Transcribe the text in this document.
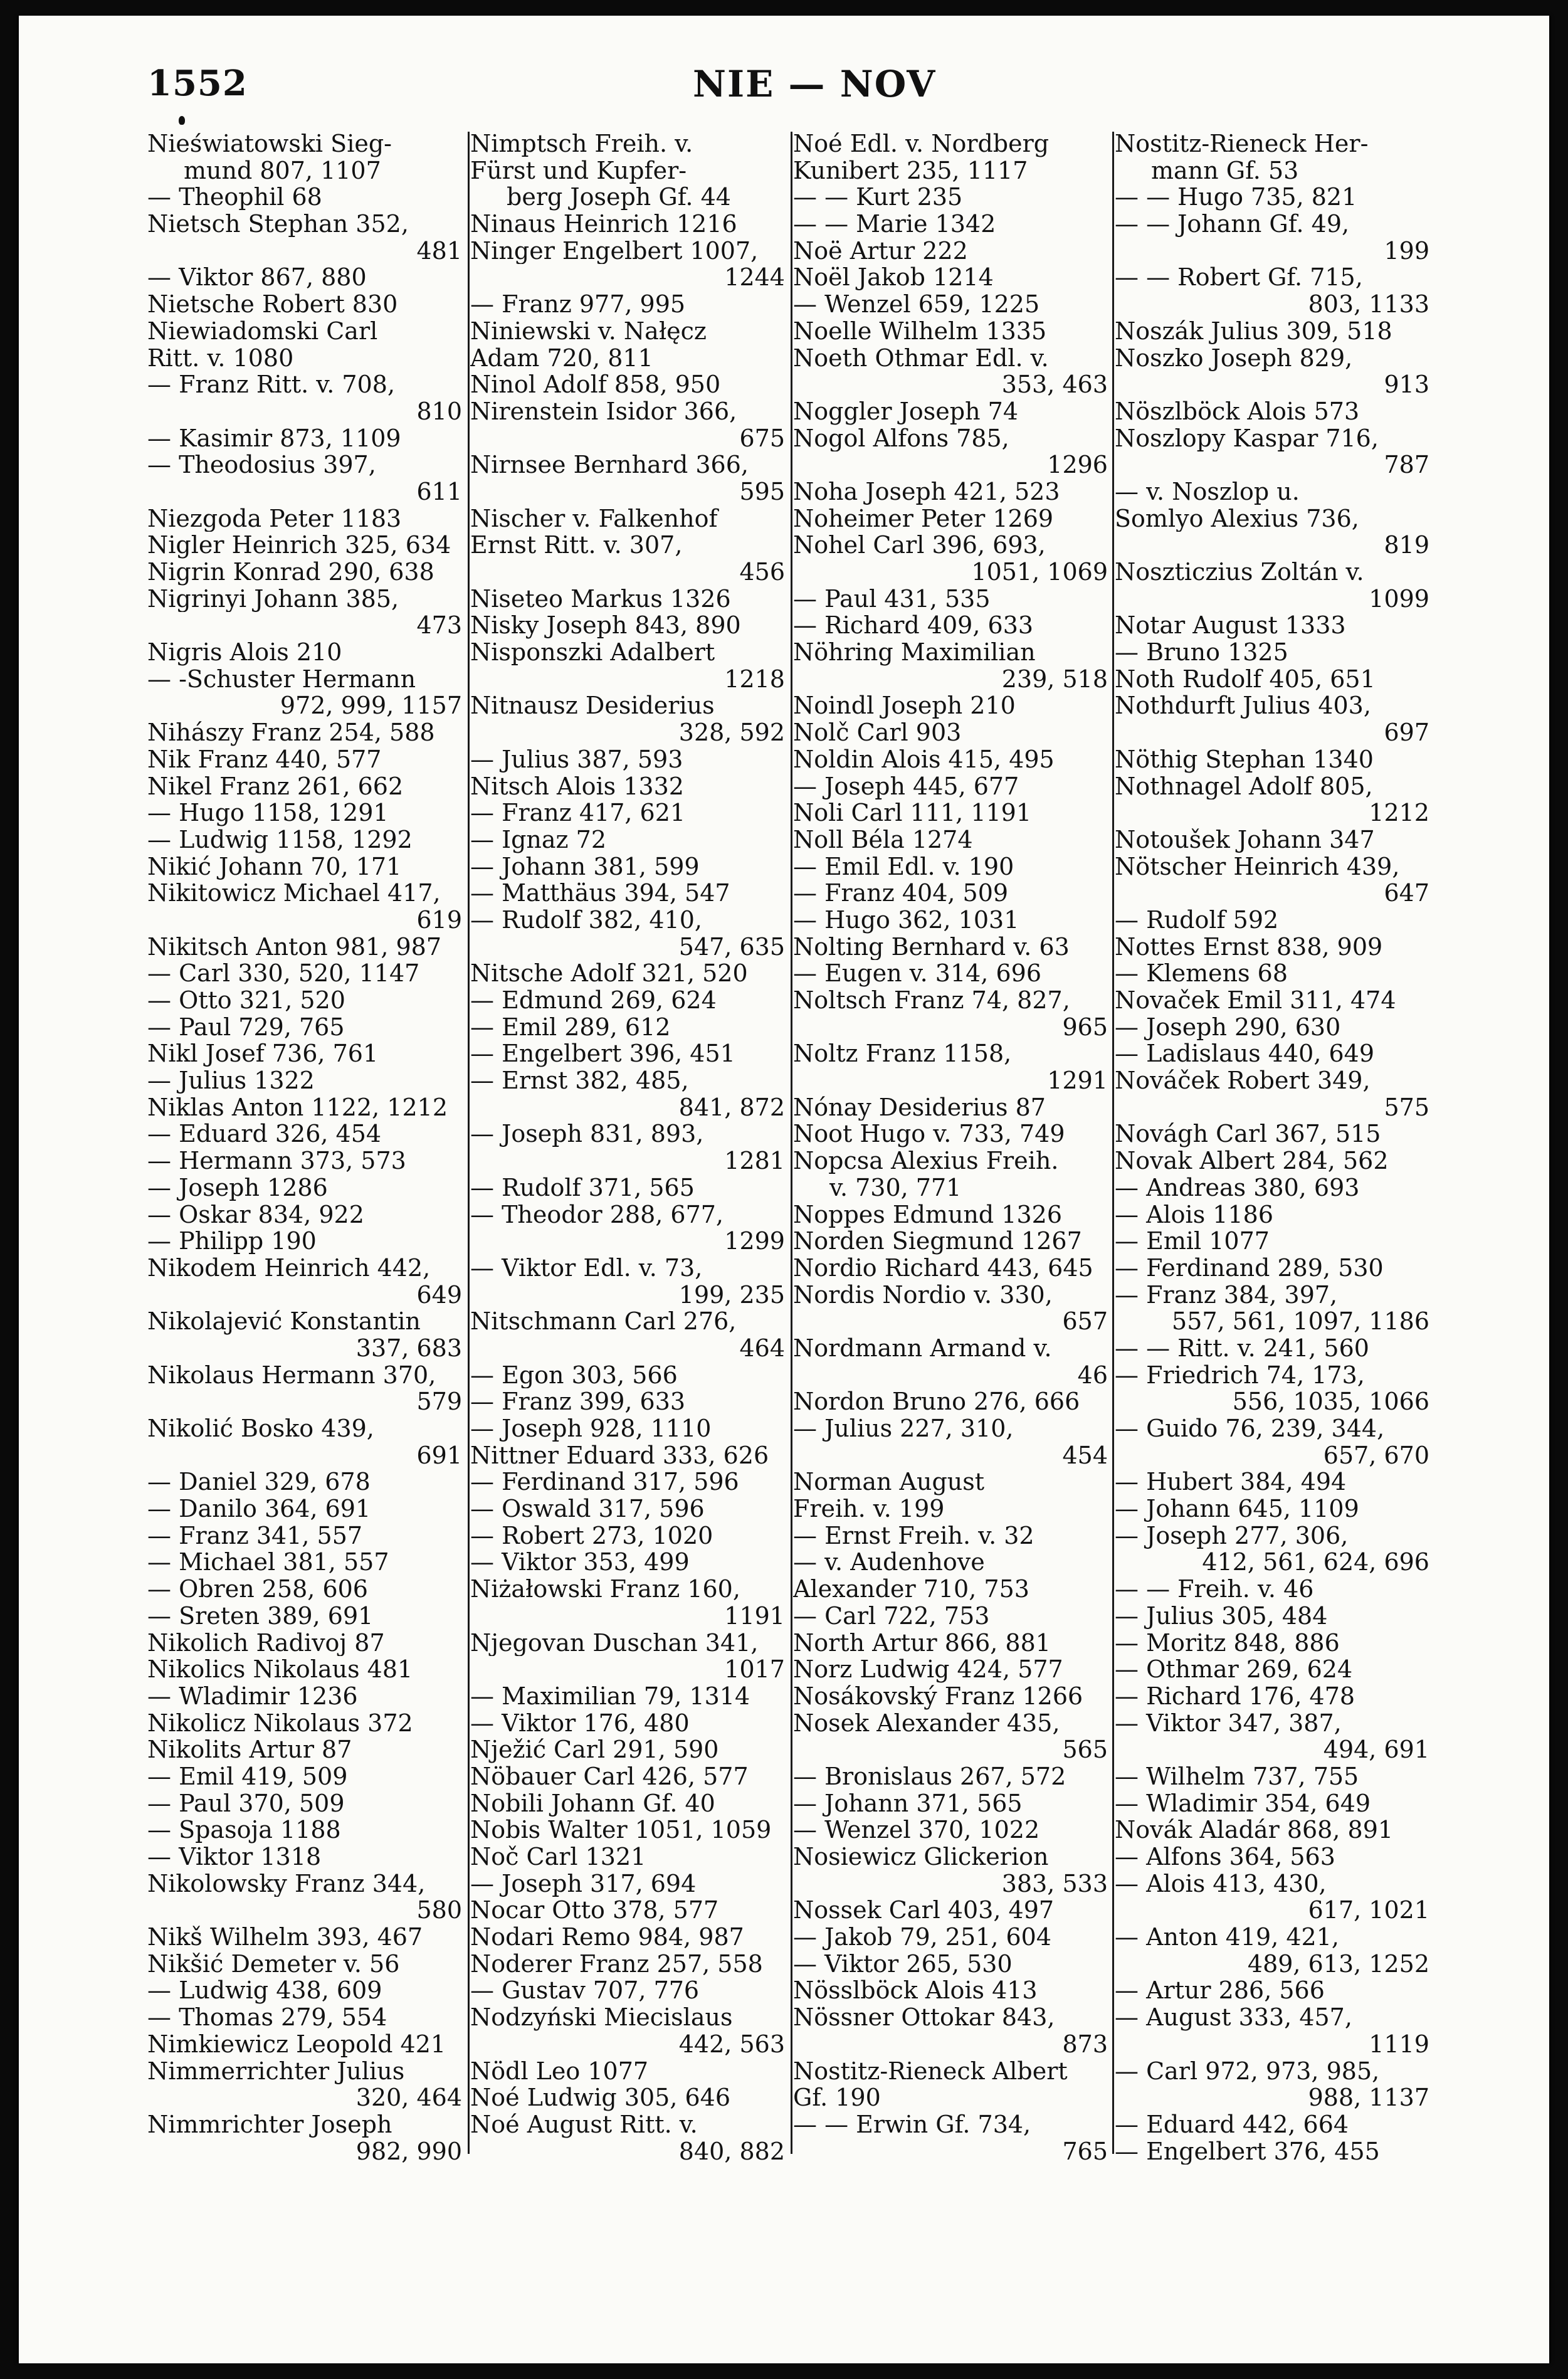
1552	NIE — NOV
Nieświatowski Sieg-
mund 807, 1107
— Theophil 68
Nietsch Stephan 352,
481
— Viktor 867, 880
Nietsche Robert 830
Niewiadomski Carl
Ritt. v. 1080
— Franz Ritt. v. 708,
810
— Kasimir 873, 1109
— Theodosius 397,
611
Niezgoda Peter 1183
Nigler Heinrich 325, 634
Nigrin Konrad 290, 638
Nigrinyi Johann 385,
473
Nigris Alois 210
— -Schuster Hermann
972, 999, 1157
Nihászy Franz 254, 588
Nik Franz 440, 577
Nikel Franz 261, 662
— Hugo 1158, 1291
— Ludwig 1158, 1292
Nikić Johann 70, 171
Nikitowicz Michael 417,
619
Nikitsch Anton 981, 987
— Carl 330, 520, 1147
— Otto 321, 520
— Paul 729, 765
Nikl Josef 736, 761
— Julius 1322
Niklas Anton 1122, 1212
— Eduard 326, 454
— Hermann 373, 573
— Joseph 1286
— Oskar 834, 922
— Philipp 190
Nikodem Heinrich 442,
649
Nikolajević Konstantin
337, 683
Nikolaus Hermann 370,
579
Nikolić Bosko 439,
691
— Daniel 329, 678
— Danilo 364, 691
— Franz 341, 557
— Michael 381, 557
— Obren 258, 606
— Sreten 389, 691
Nikolich Radivoj 87
Nikolics Nikolaus 481
— Wladimir 1236
Nikolicz Nikolaus 372
Nikolits Artur 87
— Emil 419, 509
— Paul 370, 509
— Spasoja 1188
— Viktor 1318
Nikolowsky Franz 344,
580
Nikš Wilhelm 393, 467
Nikšić Demeter v. 56
— Ludwig 438, 609
— Thomas 279, 554
Nimkiewicz Leopold 421
Nimmerrichter Julius
320, 464
Nimmrichter Joseph
982, 990
Nimptsch Freih. v.
Fürst und Kupfer-
berg Joseph Gf. 44
Ninaus Heinrich 1216
Ninger Engelbert 1007,
1244
— Franz 977, 995
Niniewski v. Nałęcz
Adam 720, 811
Ninol Adolf 858, 950
Nirenstein Isidor 366,
675
Nirnsee Bernhard 366,
595
Nischer v. Falkenhof
Ernst Ritt. v. 307,
456
Niseteo Markus 1326
Nisky Joseph 843, 890
Nisponszki Adalbert
1218
Nitnausz Desiderius
328, 592
— Julius 387, 593
Nitsch Alois 1332
— Franz 417, 621
— Ignaz 72
— Johann 381, 599
— Matthäus 394, 547
— Rudolf 382, 410,
547, 635
Nitsche Adolf 321, 520
— Edmund 269, 624
— Emil 289, 612
— Engelbert 396, 451
— Ernst 382, 485,
841, 872
— Joseph 831, 893,
1281
— Rudolf 371, 565
— Theodor 288, 677,
1299
— Viktor Edl. v. 73,
199, 235
Nitschmann Carl 276,
464
— Egon 303, 566
— Franz 399, 633
— Joseph 928, 1110
Nittner Eduard 333, 626
— Ferdinand 317, 596
— Oswald 317, 596
— Robert 273, 1020
— Viktor 353, 499
Niżałowski Franz 160,
1191
Njegovan Duschan 341,
1017
— Maximilian 79, 1314
— Viktor 176, 480
Nježić Carl 291, 590
Nöbauer Carl 426, 577
Nobili Johann Gf. 40
Nobis Walter 1051, 1059
Noč Carl 1321
— Joseph 317, 694
Nocar Otto 378, 577
Nodari Remo 984, 987
Noderer Franz 257, 558
— Gustav 707, 776
Nodzyński Miecislaus
442, 563
Nödl Leo 1077
Noé Ludwig 305, 646
Noé August Ritt. v.
840, 882
Noé Edl. v. Nordberg
Kunibert 235, 1117
— — Kurt 235
— — Marie 1342
Noë Artur 222
Noël Jakob 1214
— Wenzel 659, 1225
Noelle Wilhelm 1335
Noeth Othmar Edl. v.
353, 463
Noggler Joseph 74
Nogol Alfons 785,
1296
Noha Joseph 421, 523
Noheimer Peter 1269
Nohel Carl 396, 693,
1051, 1069
— Paul 431, 535
— Richard 409, 633
Nöhring Maximilian
239, 518
Noindl Joseph 210
Nolč Carl 903
Noldin Alois 415, 495
— Joseph 445, 677
Noli Carl 111, 1191
Noll Béla 1274
— Emil Edl. v. 190
— Franz 404, 509
— Hugo 362, 1031
Nolting Bernhard v. 63
— Eugen v. 314, 696
Noltsch Franz 74, 827,
965
Noltz Franz 1158,
1291
Nónay Desiderius 87
Noot Hugo v. 733, 749
Nopcsa Alexius Freih.
v. 730, 771
Noppes Edmund 1326
Norden Siegmund 1267
Nordio Richard 443, 645
Nordis Nordio v. 330,
657
Nordmann Armand v.
46
Nordon Bruno 276, 666
— Julius 227, 310,
454
Norman August
Freih. v. 199
— Ernst Freih. v. 32
— v. Audenhove
Alexander 710, 753
— Carl 722, 753
North Artur 866, 881
Norz Ludwig 424, 577
Nosákovský Franz 1266
Nosek Alexander 435,
565
— Bronislaus 267, 572
— Johann 371, 565
— Wenzel 370, 1022
Nosiewicz Glickerion
383, 533
Nossek Carl 403, 497
— Jakob 79, 251, 604
— Viktor 265, 530
Nösslböck Alois 413
Nössner Ottokar 843,
873
Nostitz-Rieneck Albert
Gf. 190
— — Erwin Gf. 734,
765
Nostitz-Rieneck Her-
mann Gf. 53
— — Hugo 735, 821
— — Johann Gf. 49,
199
— — Robert Gf. 715,
803, 1133
Noszák Julius 309, 518
Noszko Joseph 829,
913
Nöszlböck Alois 573
Noszlopy Kaspar 716,
787
— v. Noszlop u.
Somlyo Alexius 736,
819
Noszticzius Zoltán v.
1099
Notar August 1333
— Bruno 1325
Noth Rudolf 405, 651
Nothdurft Julius 403,
697
Nöthig Stephan 1340
Nothnagel Adolf 805,
1212
Notoušek Johann 347
Nötscher Heinrich 439,
647
— Rudolf 592
Nottes Ernst 838, 909
— Klemens 68
Novaček Emil 311, 474
— Joseph 290, 630
— Ladislaus 440, 649
Nováček Robert 349,
575
Novágh Carl 367, 515
Novak Albert 284, 562
— Andreas 380, 693
— Alois 1186
— Emil 1077
— Ferdinand 289, 530
— Franz 384, 397,
557, 561, 1097, 1186
— — Ritt. v. 241, 560
— Friedrich 74, 173,
556, 1035, 1066
— Guido 76, 239, 344,
657, 670
— Hubert 384, 494
— Johann 645, 1109
— Joseph 277, 306,
412, 561, 624, 696
— — Freih. v. 46
— Julius 305, 484
— Moritz 848, 886
— Othmar 269, 624
— Richard 176, 478
— Viktor 347, 387,
494, 691
— Wilhelm 737, 755
— Wladimir 354, 649
Novák Aladár 868, 891
— Alfons 364, 563
— Alois 413, 430,
617, 1021
— Anton 419, 421,
489, 613, 1252
— Artur 286, 566
— August 333, 457,
1119
— Carl 972, 973, 985,
988, 1137
— Eduard 442, 664
— Engelbert 376, 455
